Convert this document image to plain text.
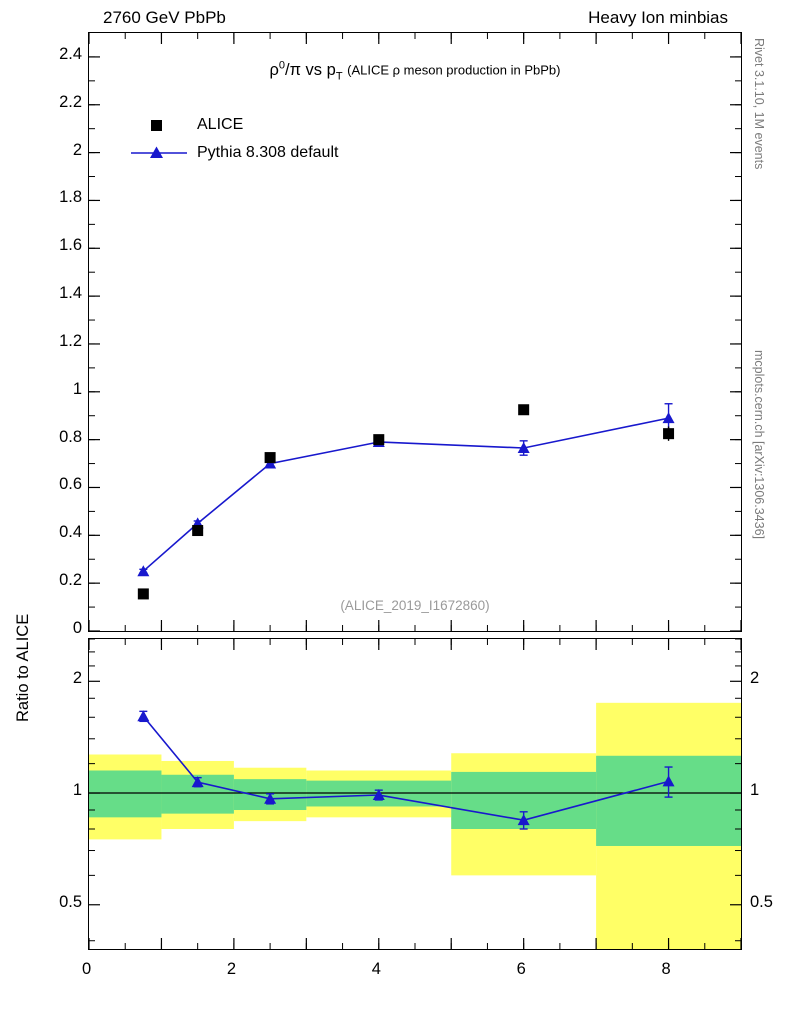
2760 GeV PbPb	Heavy Ion minbias
Rivet 3.1.10, 1M events
mcplots.cern.ch [arXiv:1306.3436]
$\rho^0/\pi$ vs $p_T$ (ALICE ρ meson production in PbPb)
(ALICE_2019_I1672860)
ALICE
Pythia 8.308 default
Ratio to ALICE	0
0.2
0.4
0.6
0.8
1
1.2
1.4
1.6
1.8
2
2.2
2.4
0.5	0.5
1	1
2	2
0	2	4	6	8
